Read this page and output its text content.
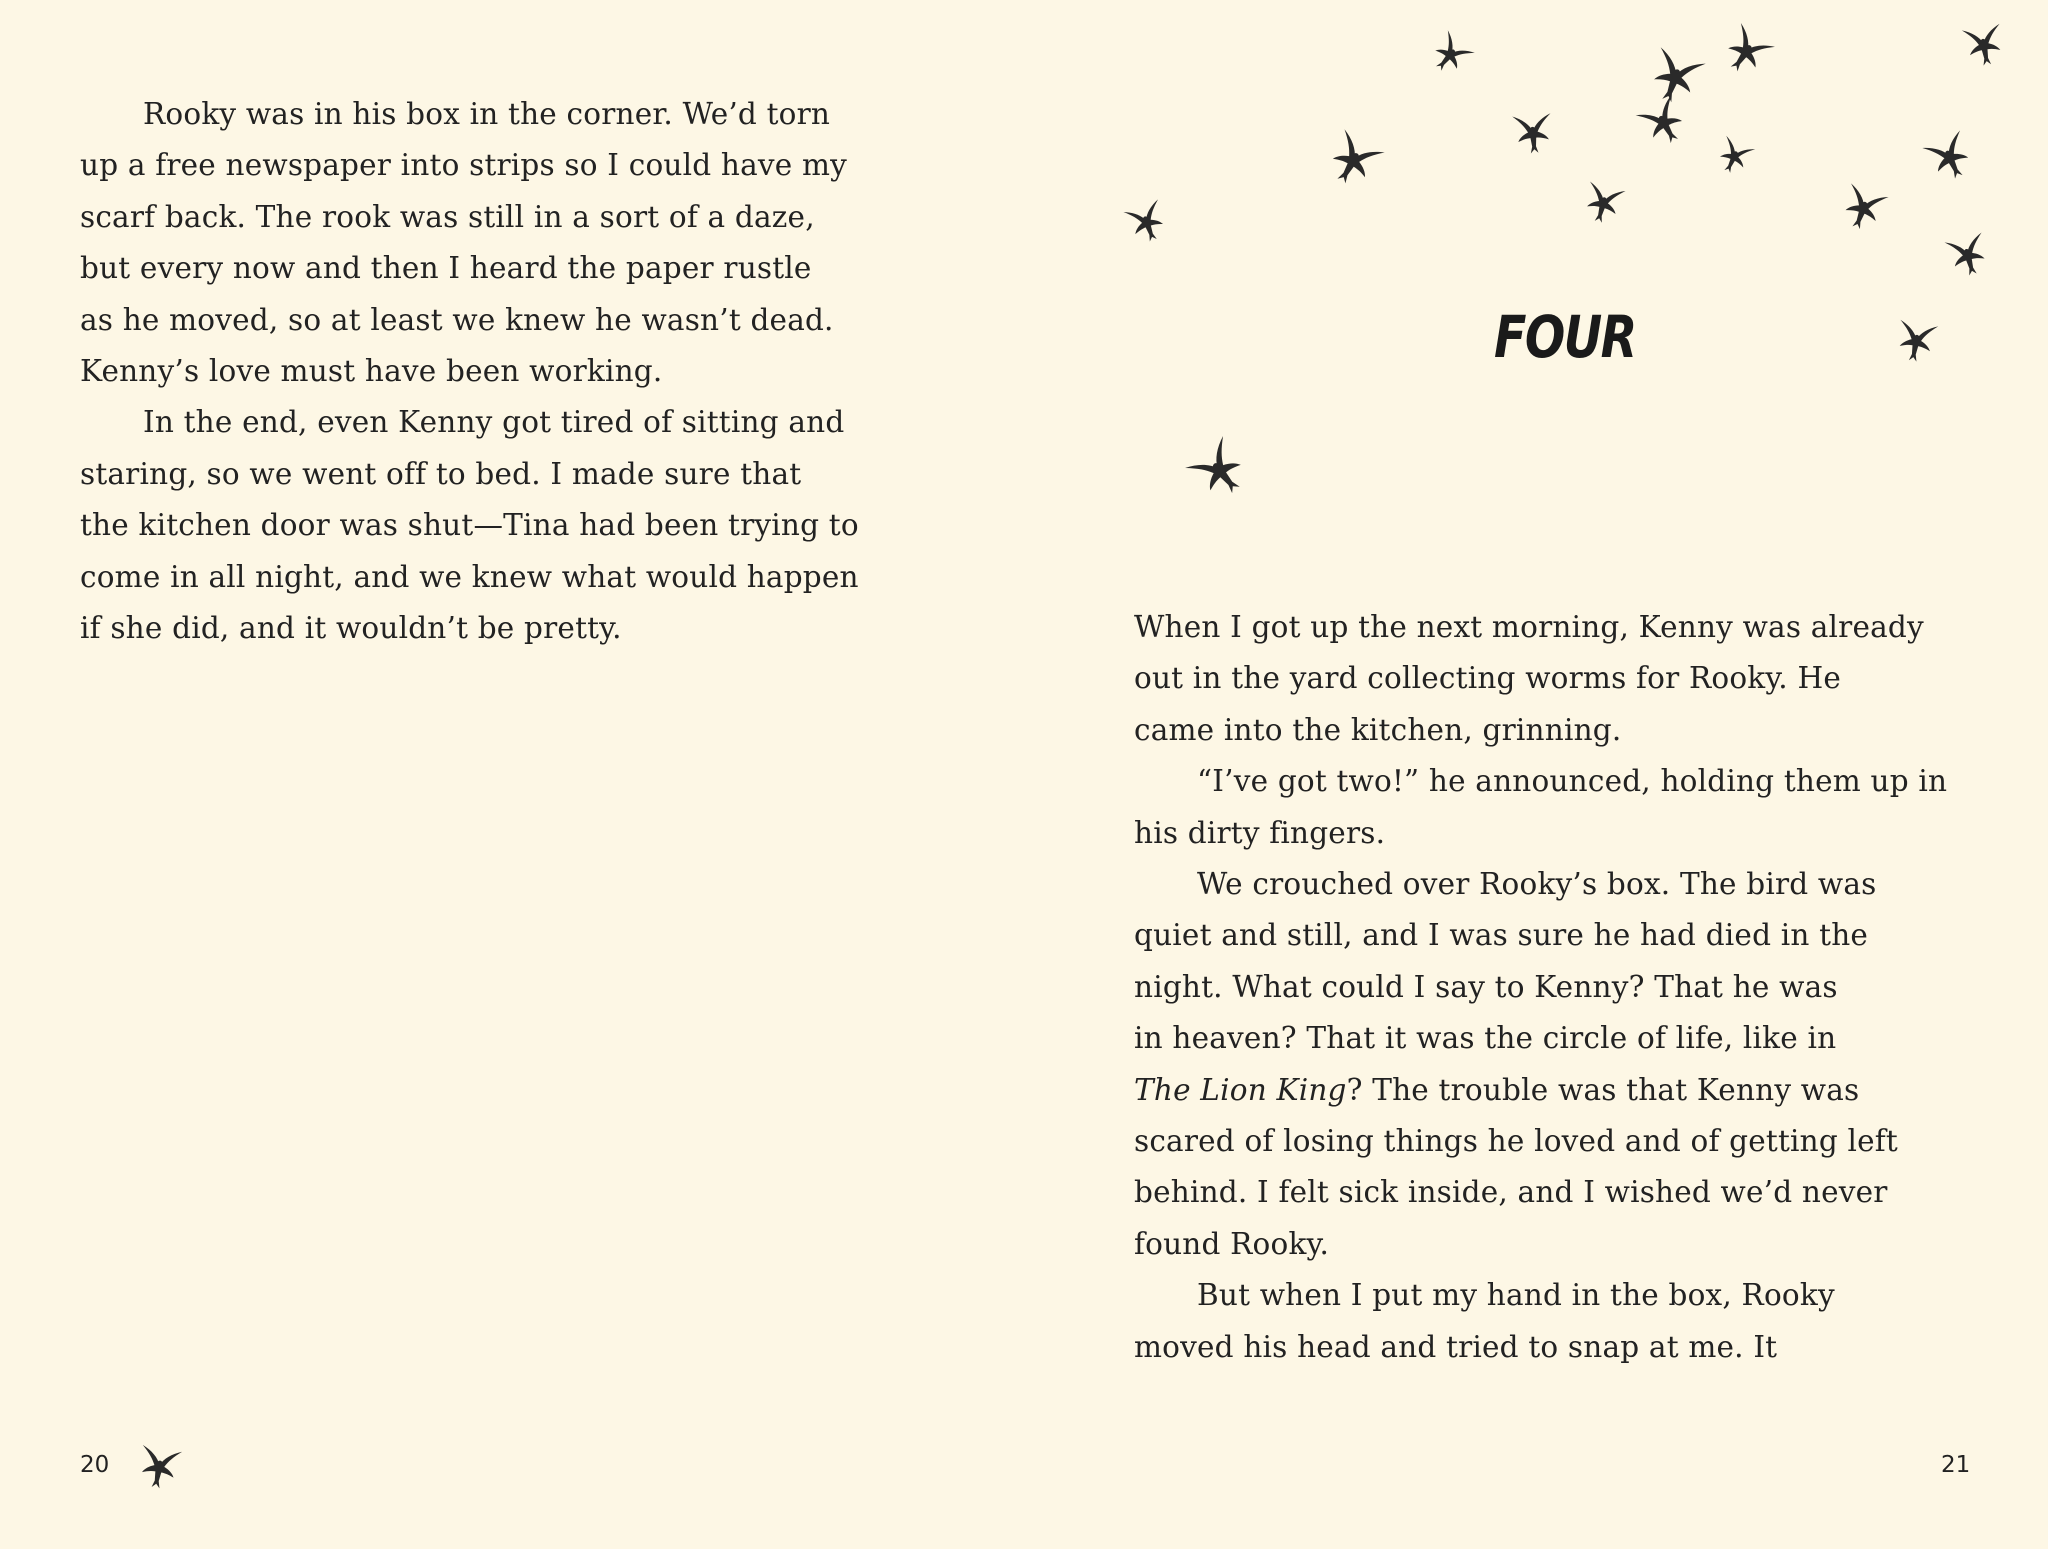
Rooky was in his box in the corner. We’d torn
up a free newspaper into strips so I could have my
scarf back. The rook was still in a sort of a daze,
but every now and then I heard the paper rustle
as he moved, so at least we knew he wasn’t dead.
Kenny’s love must have been working.
In the end, even Kenny got tired of sitting and
staring, so we went off to bed. I made sure that
the kitchen door was shut—Tina had been trying to
come in all night, and we knew what would happen
if she did, and it wouldn’t be pretty.
20
FOUR
When I got up the next morning, Kenny was already
out in the yard collecting worms for Rooky. He
came into the kitchen, grinning.
“I’ve got two!” he announced, holding them up in
his dirty fingers.
We crouched over Rooky’s box. The bird was
quiet and still, and I was sure he had died in the
night. What could I say to Kenny? That he was
in heaven? That it was the circle of life, like in
The Lion King? The trouble was that Kenny was
scared of losing things he loved and of getting left
behind. I felt sick inside, and I wished we’d never
found Rooky.
But when I put my hand in the box, Rooky
moved his head and tried to snap at me. It
21
